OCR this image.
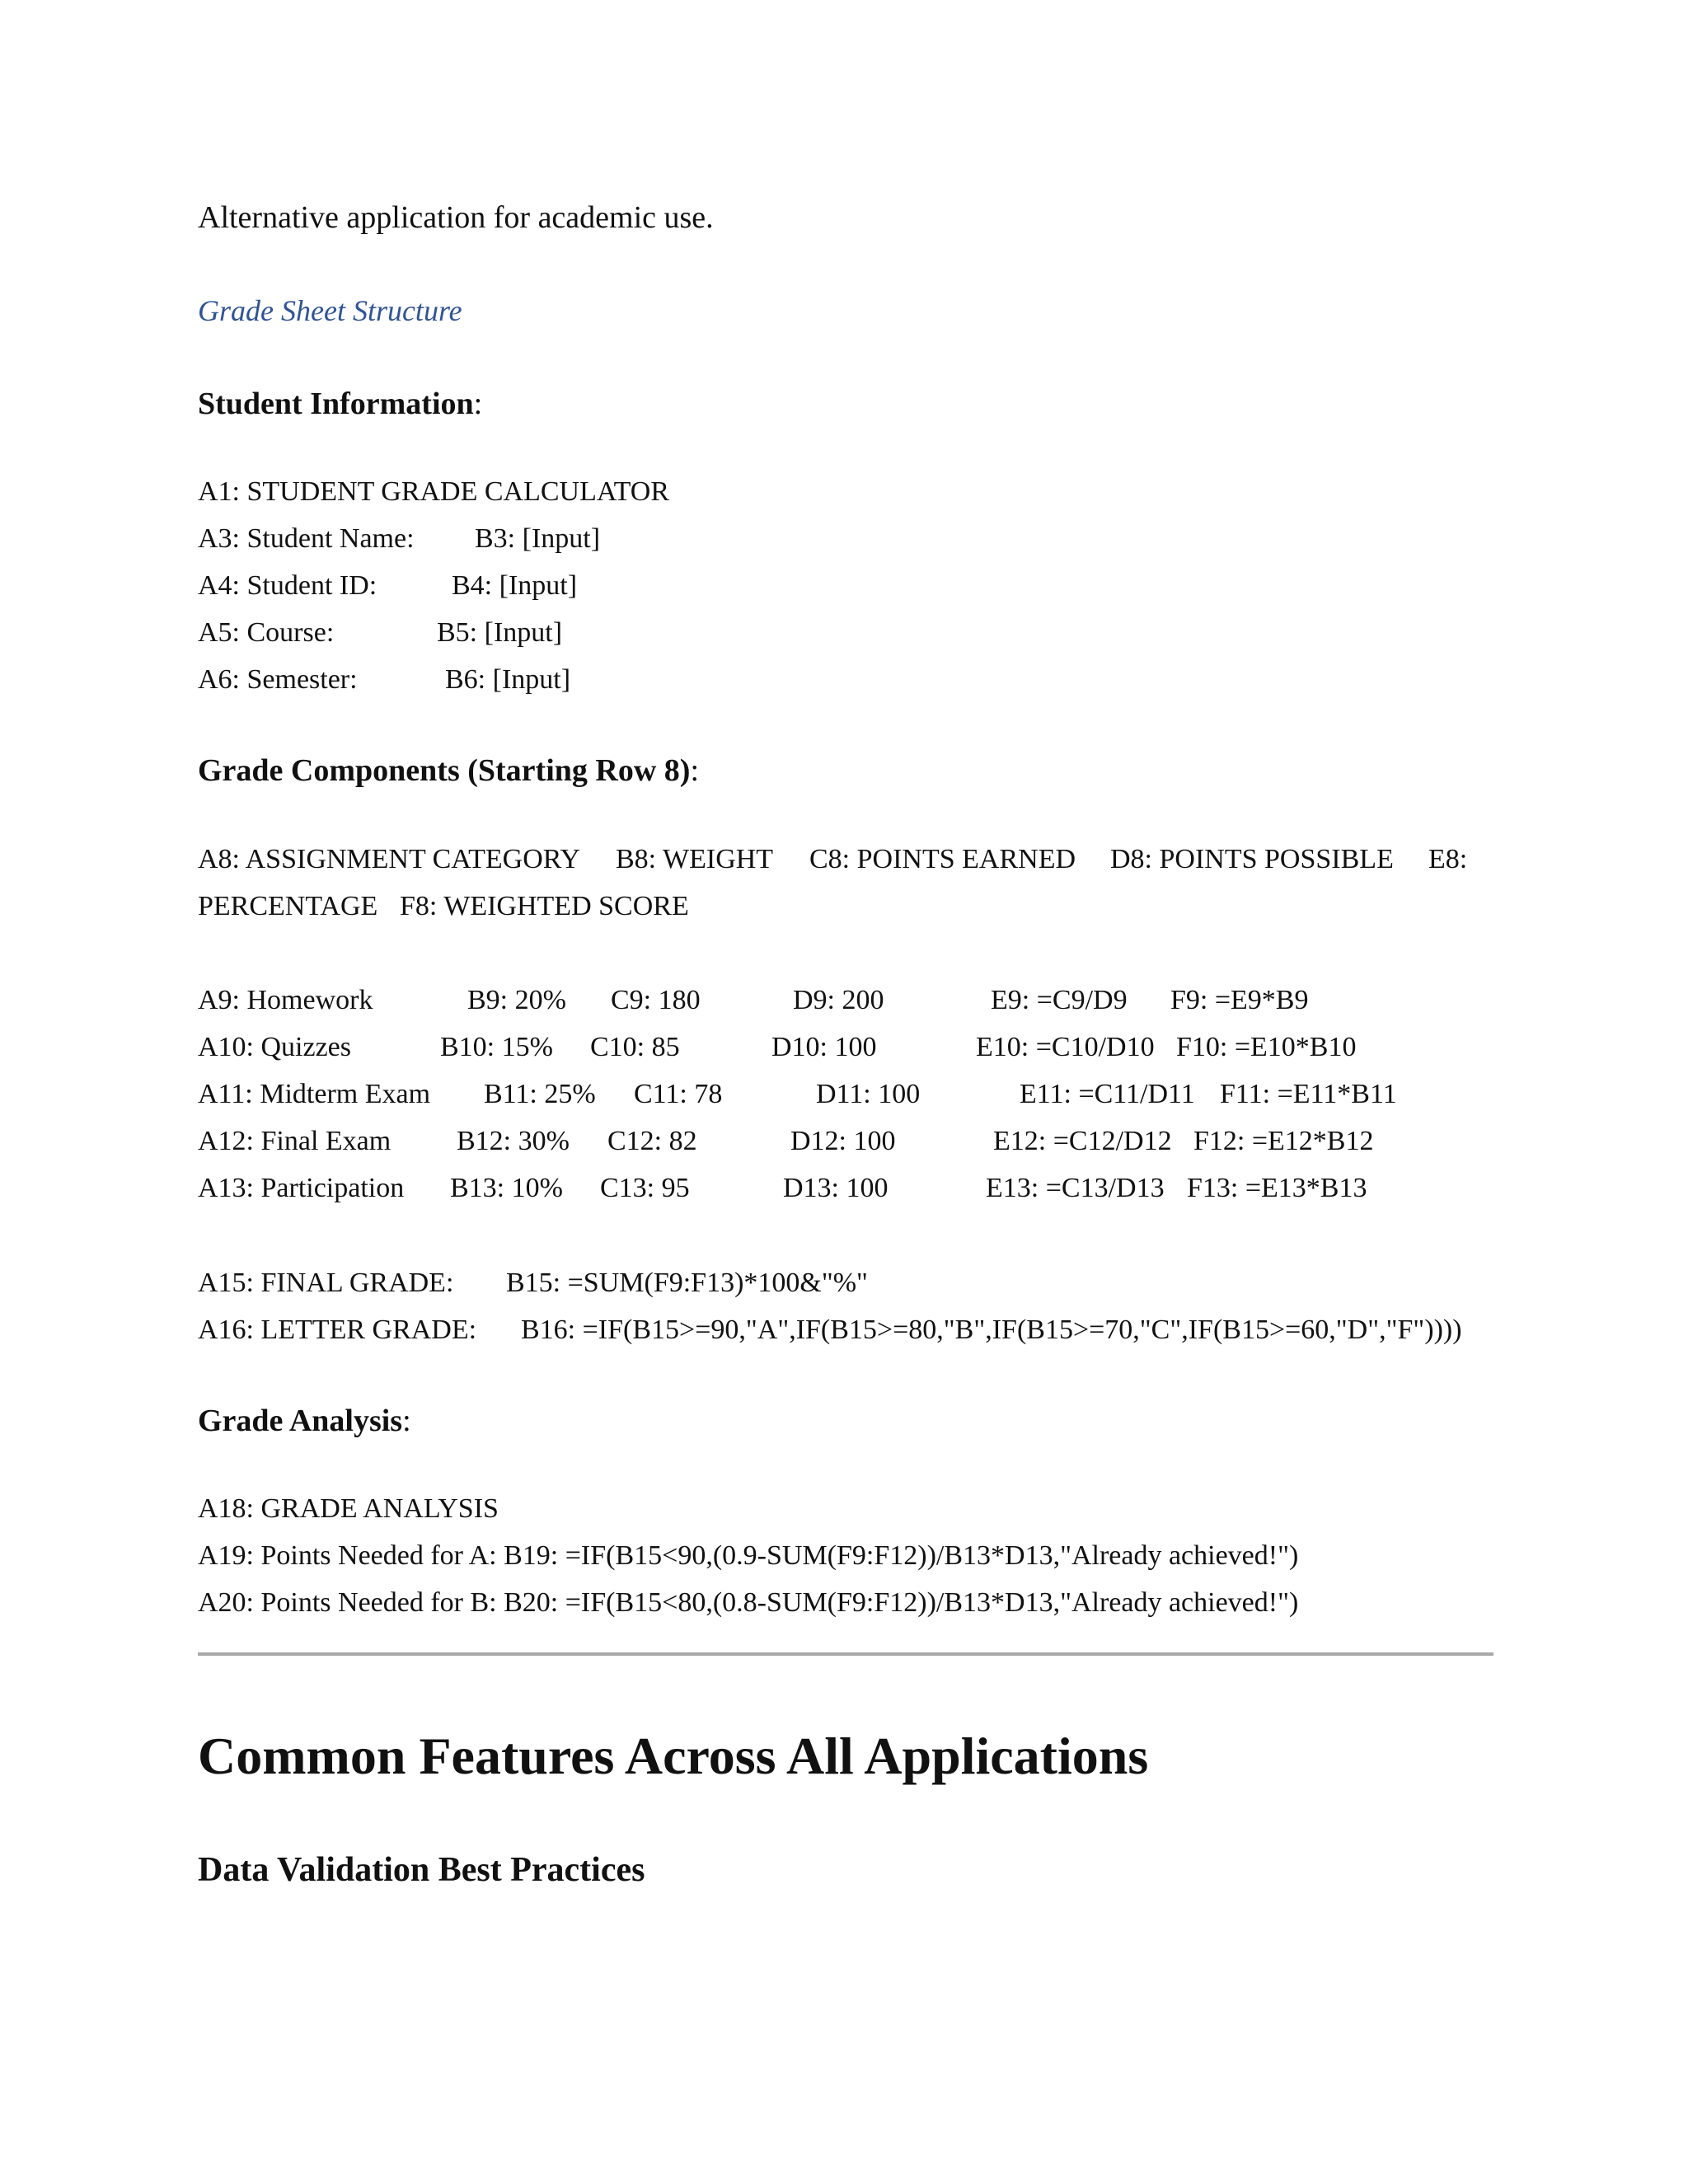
Alternative application for academic use.
Grade Sheet Structure
Student Information:
A1: STUDENT GRADE CALCULATOR
A3: Student Name: B3: [Input]
A4: Student ID:	B4: [Input]
A5: Course:	B5: [Input]
A6: Semester:	B6: [Input]
Grade Components (Starting Row 8):
A8: ASSIGNMENT CATEGORY B8: WEIGHT C8: POINTS EARNED D8: POINTS POSSIBLE E8:
PERCENTAGE F8: WEIGHTED SCORE
A9: Homework	B9: 20% C9: 180	D9: 200	E9: =C9/D9 F9: =E9*B9
A10: Quizzes	B10: 15% C10: 85	D10: 100	E10: =C10/D10 F10: =E10*B10
A11: Midterm Exam B11: 25% C11: 78	D11: 100	E11: =C11/D11 F11: =E11*B11
A12: Final Exam B12: 30% C12: 82	D12: 100	E12: =C12/D12 F12: =E12*B12
A13: Participation B13: 10% C13: 95	D13: 100	E13: =C13/D13 F13: =E13*B13
A15: FINAL GRADE: B15: =SUM(F9:F13)*100&"%"
A16: LETTER GRADE: B16: =IF(B15>=90,"A",IF(B15>=80,"B",IF(B15>=70,"C",IF(B15>=60,"D","F"))))
Grade Analysis:
A18: GRADE ANALYSIS
A19: Points Needed for A: B19: =IF(B15<90,(0.9-SUM(F9:F12))/B13*D13,"Already achieved!")
A20: Points Needed for B: B20: =IF(B15<80,(0.8-SUM(F9:F12))/B13*D13,"Already achieved!")
Common Features Across All Applications
Data Validation Best Practices
